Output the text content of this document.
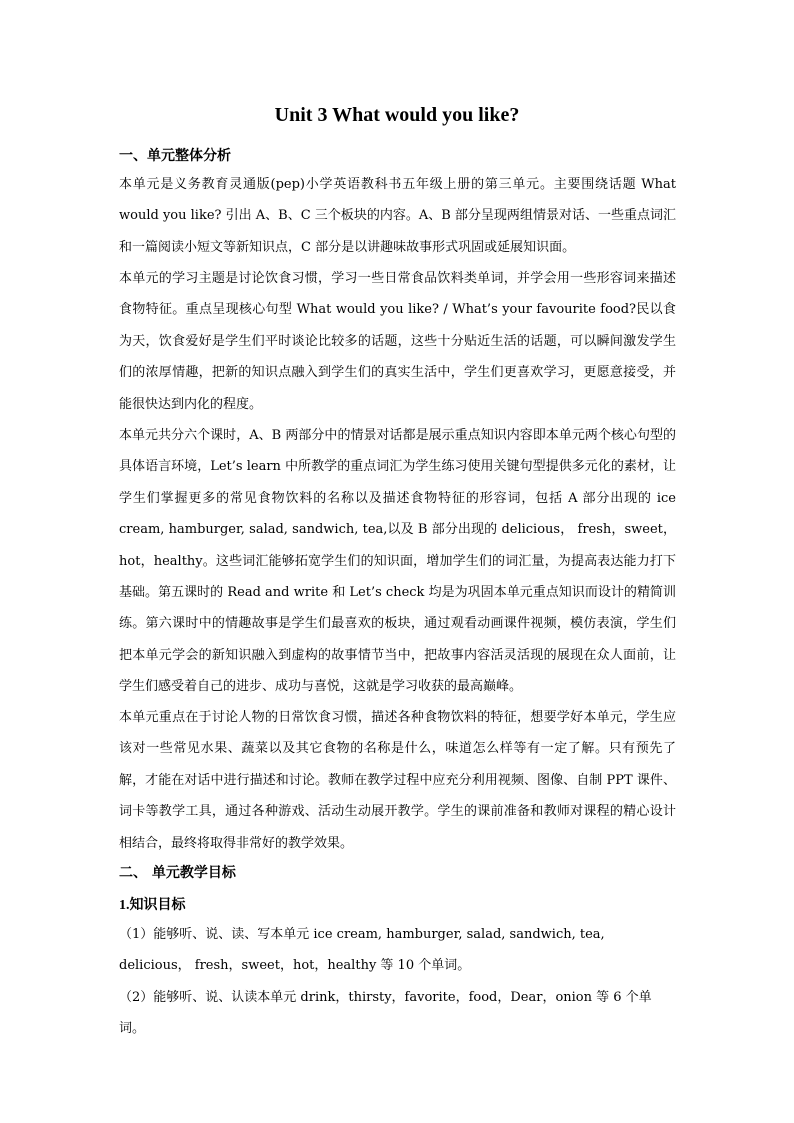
Unit 3 What would you like?
一、单元整体分析
本单元是义务教育灵通版(pep)小学英语教科书五年级上册的第三单元。主要围绕话题 What would you like? 引出 A、B、C 三个板块的内容。A、B 部分呈现两组情景对话、一些重点词汇和一篇阅读小短文等新知识点，C 部分是以讲趣味故事形式巩固或延展知识面。
本单元的学习主题是讨论饮食习惯，学习一些日常食品饮料类单词，并学会用一些形容词来描述食物特征。重点呈现核心句型 What would you like? / What’s your favourite food?民以食为天，饮食爱好是学生们平时谈论比较多的话题，这些十分贴近生活的话题，可以瞬间激发学生们的浓厚情趣，把新的知识点融入到学生们的真实生活中，学生们更喜欢学习，更愿意接受，并能很快达到内化的程度。
本单元共分六个课时，A、B 两部分中的情景对话都是展示重点知识内容即本单元两个核心句型的具体语言环境，Let’s learn 中所教学的重点词汇为学生练习使用关键句型提供多元化的素材，让学生们掌握更多的常见食物饮料的名称以及描述食物特征的形容词，包括 A 部分出现的 ice cream, hamburger, salad, sandwich, tea,以及 B 部分出现的 delicious， fresh，sweet，hot，healthy。这些词汇能够拓宽学生们的知识面，增加学生们的词汇量，为提高表达能力打下基础。第五课时的 Read and write 和 Let’s check 均是为巩固本单元重点知识而设计的精简训练。第六课时中的情趣故事是学生们最喜欢的板块，通过观看动画课件视频，模仿表演，学生们把本单元学会的新知识融入到虚构的故事情节当中，把故事内容活灵活现的展现在众人面前，让学生们感受着自己的进步、成功与喜悦，这就是学习收获的最高巅峰。
本单元重点在于讨论人物的日常饮食习惯，描述各种食物饮料的特征，想要学好本单元，学生应该对一些常见水果、蔬菜以及其它食物的名称是什么，味道怎么样等有一定了解。只有预先了解，才能在对话中进行描述和讨论。教师在教学过程中应充分利用视频、图像、自制 PPT 课件、词卡等教学工具，通过各种游戏、活动生动展开教学。学生的课前准备和教师对课程的精心设计相结合，最终将取得非常好的教学效果。
二、 单元教学目标
1.知识目标
（1）能够听、说、读、写本单元 ice cream, hamburger, salad, sandwich, tea, delicious， fresh，sweet，hot，healthy 等 10 个单词。
（2）能够听、说、认读本单元 drink，thirsty，favorite，food，Dear，onion 等 6 个单词。
